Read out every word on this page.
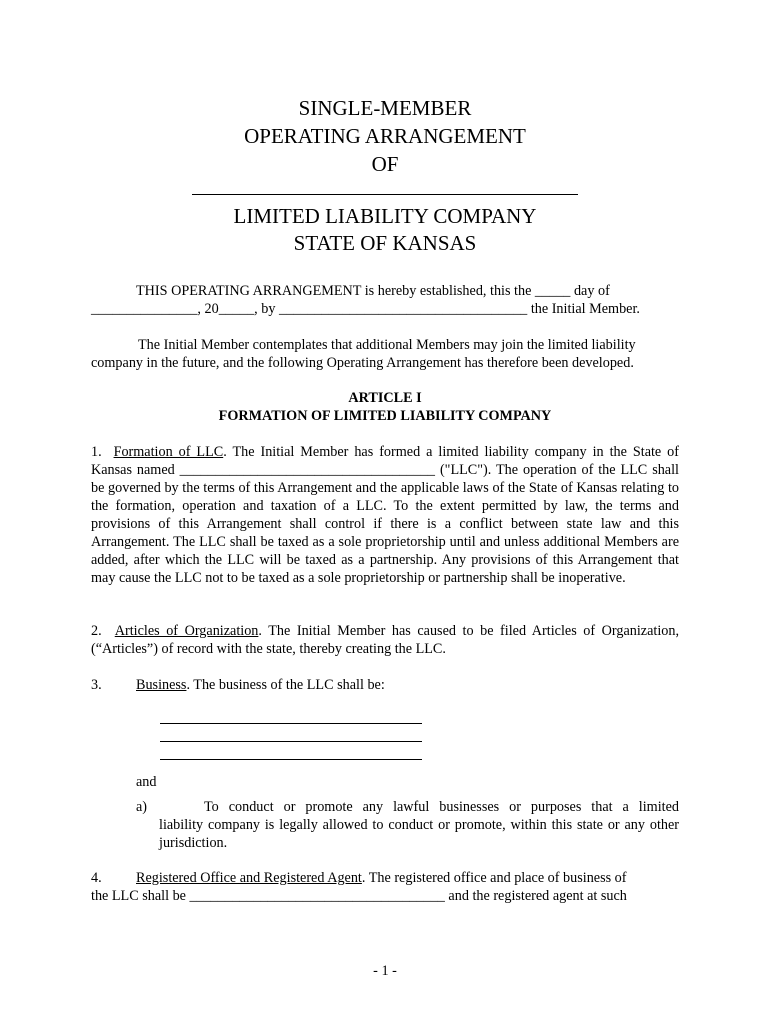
SINGLE-MEMBER
OPERATING ARRANGEMENT
OF
LIMITED LIABILITY COMPANY
STATE OF KANSAS
THIS OPERATING ARRANGEMENT is hereby established, this the _____ day of
_______________, 20_____, by ___________________________________ the Initial Member.
The Initial Member contemplates that additional Members may join the limited liability
company in the future, and the following Operating Arrangement has therefore been developed.
ARTICLE I
FORMATION OF LIMITED LIABILITY COMPANY
1. Formation of LLC. The Initial Member has formed a limited liability company in the State of Kansas named ____________________________________ ("LLC"). The operation of the LLC shall be governed by the terms of this Arrangement and the applicable laws of the State of Kansas relating to the formation, operation and taxation of a LLC. To the extent permitted by law, the terms and provisions of this Arrangement shall control if there is a conflict between state law and this Arrangement. The LLC shall be taxed as a sole proprietorship until and unless additional Members are added, after which the LLC will be taxed as a partnership. Any provisions of this Arrangement that may cause the LLC not to be taxed as a sole proprietorship or partnership shall be inoperative.
2. Articles of Organization. The Initial Member has caused to be filed Articles of Organization, (“Articles”) of record with the state, thereby creating the LLC.
3. Business. The business of the LLC shall be:
and
a)	To conduct or promote any lawful businesses or purposes that a limited
liability company is legally allowed to conduct or promote, within this state or any other jurisdiction.
4. Registered Office and Registered Agent. The registered office and place of business of
the LLC shall be ____________________________________ and the registered agent at such
- 1 -
